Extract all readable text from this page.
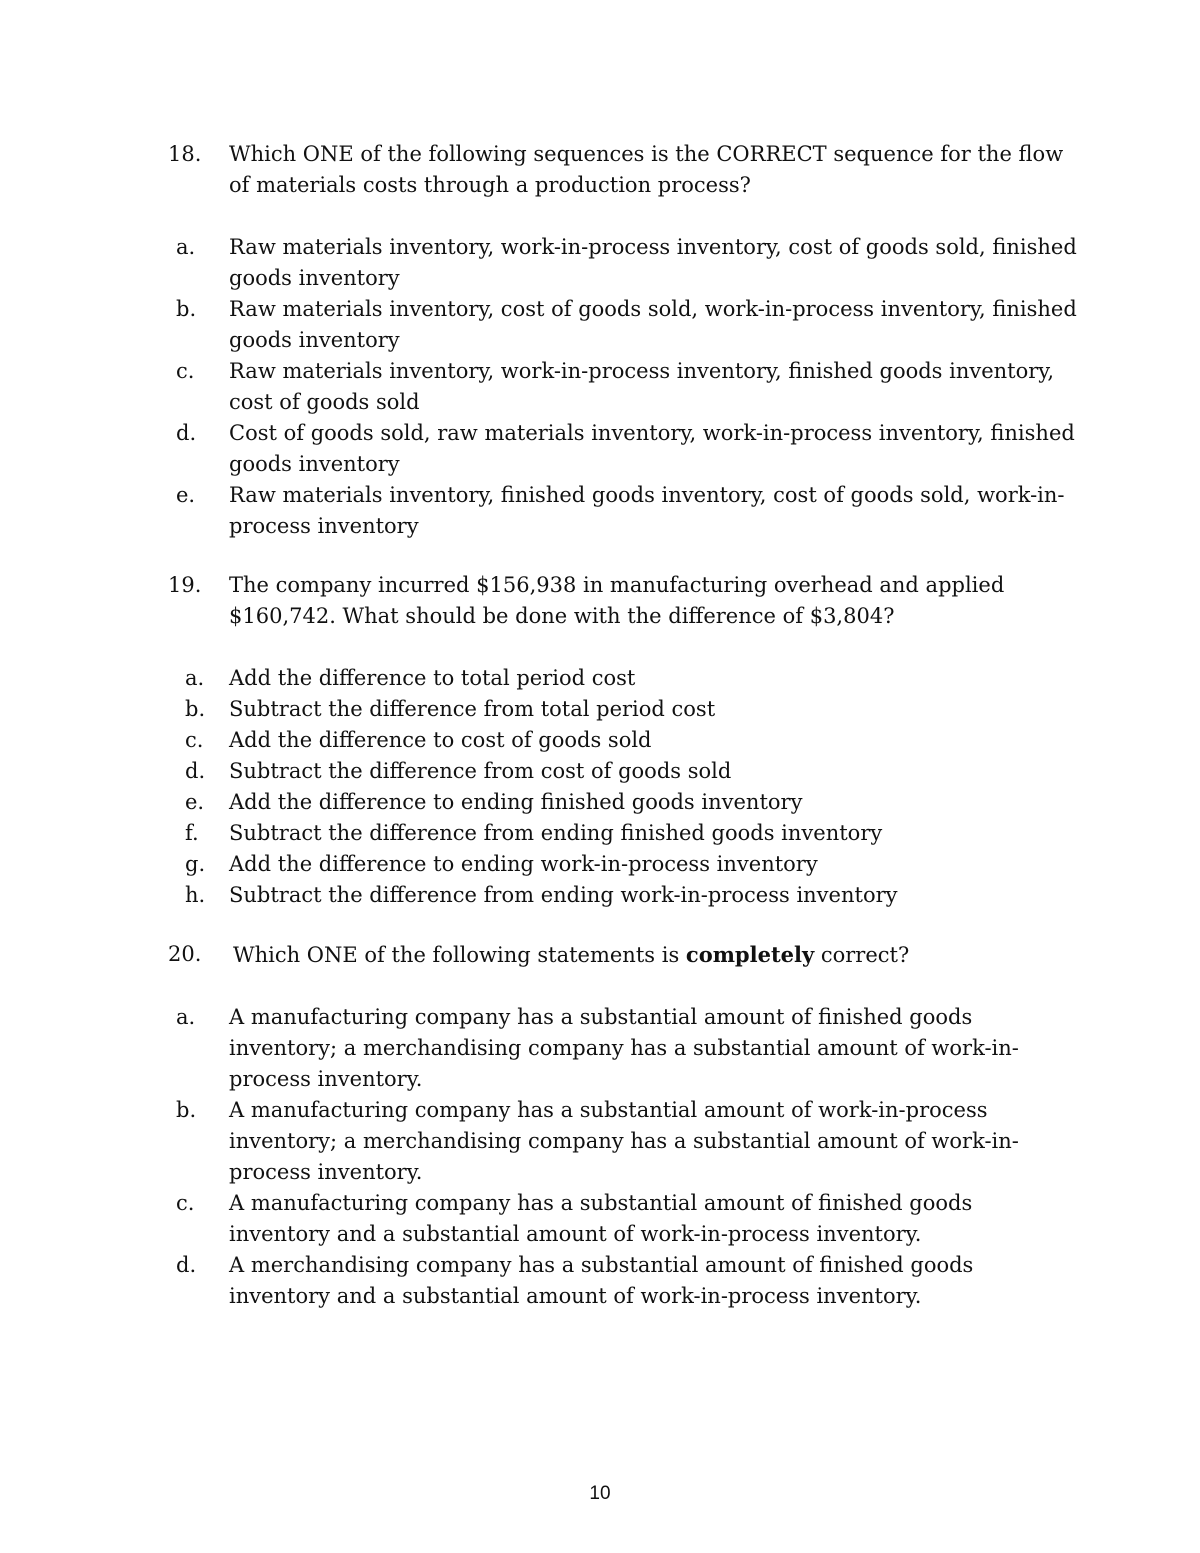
18. Which ONE of the following sequences is the CORRECT sequence for the flow of materials costs through a production process?
a. Raw materials inventory, work-in-process inventory, cost of goods sold, finished goods inventory
b. Raw materials inventory, cost of goods sold, work-in-process inventory, finished goods inventory
c. Raw materials inventory, work-in-process inventory, finished goods inventory, cost of goods sold
d. Cost of goods sold, raw materials inventory, work-in-process inventory, finished goods inventory
e. Raw materials inventory, finished goods inventory, cost of goods sold, work-in-process inventory
19. The company incurred $156,938 in manufacturing overhead and applied $160,742. What should be done with the difference of $3,804?
a. Add the difference to total period cost
b. Subtract the difference from total period cost
c. Add the difference to cost of goods sold
d. Subtract the difference from cost of goods sold
e. Add the difference to ending finished goods inventory
f. Subtract the difference from ending finished goods inventory
g. Add the difference to ending work-in-process inventory
h. Subtract the difference from ending work-in-process inventory
20. Which ONE of the following statements is completely correct?
a. A manufacturing company has a substantial amount of finished goods inventory; a merchandising company has a substantial amount of work-in-process inventory.
b. A manufacturing company has a substantial amount of work-in-process inventory; a merchandising company has a substantial amount of work-in-process inventory.
c. A manufacturing company has a substantial amount of finished goods inventory and a substantial amount of work-in-process inventory.
d. A merchandising company has a substantial amount of finished goods inventory and a substantial amount of work-in-process inventory.
10
